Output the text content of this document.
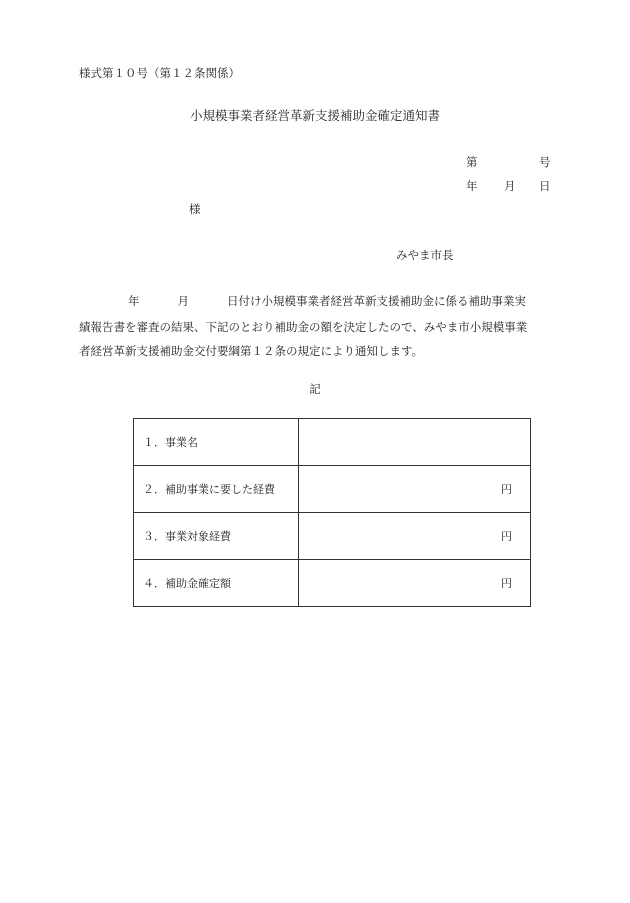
様式第１０号（第１２条関係）
小規模事業者経営革新支援補助金確定通知書
第	号
年 月 日
様
みやま市長
年	月	日付け小規模事業者経営革新支援補助金に係る補助事業実
績報告書を審査の結果、下記のとおり補助金の額を決定したので、みやま市小規模事業
者経営革新支援補助金交付要綱第１２条の規定により通知します。
記
１．事業名	
２．補助事業に要した経費	円
３．事業対象経費	円
４．補助金確定額	円
